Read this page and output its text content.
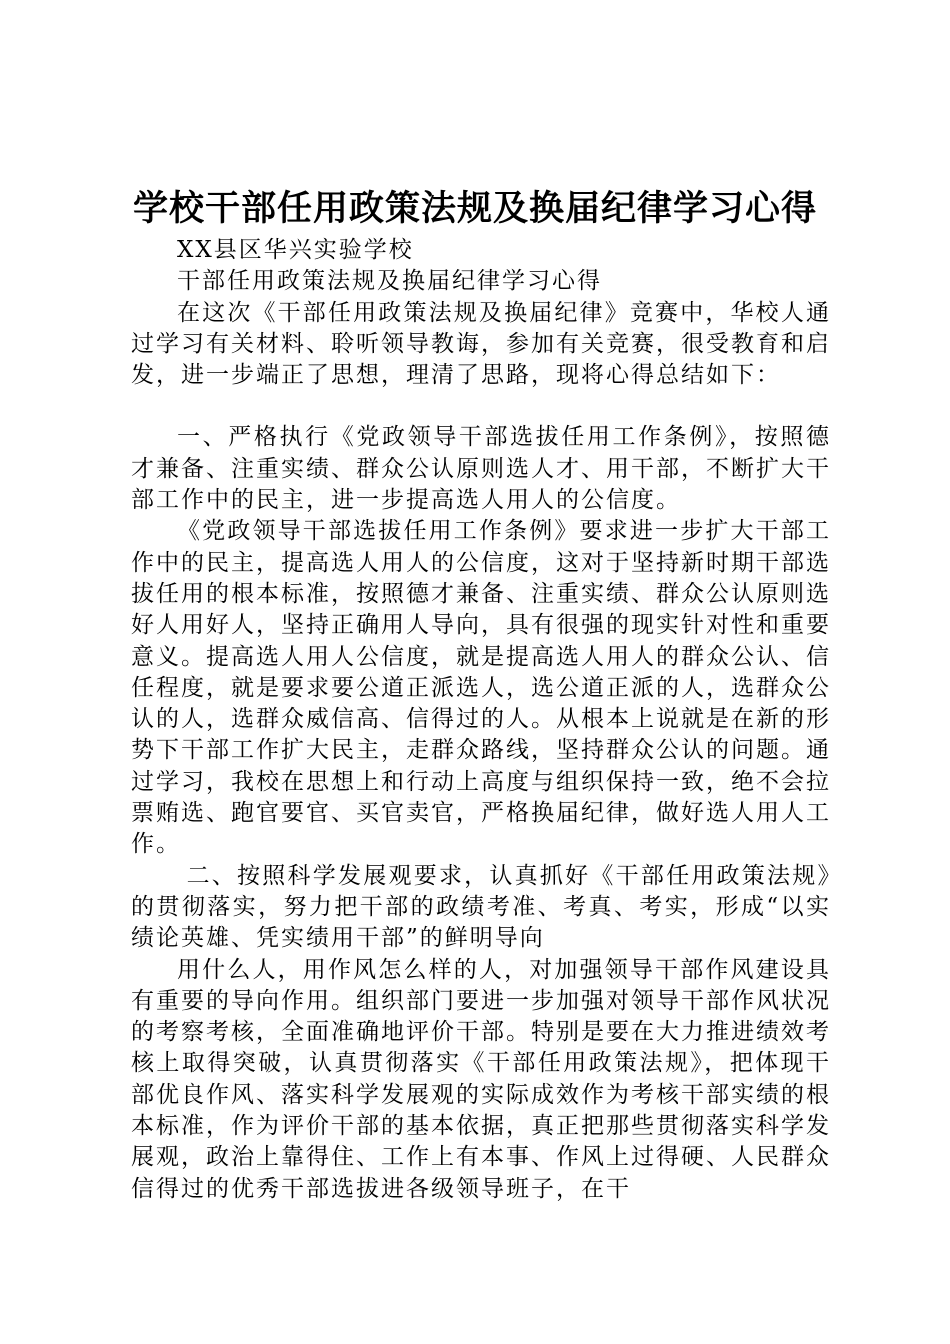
学校干部任用政策法规及换届纪律学习心得

XX县区华兴实验学校

干部任用政策法规及换届纪律学习心得

在这次《干部任用政策法规及换届纪律》竞赛中，华校人通过学习有关材料、聆听领导教诲，参加有关竞赛，很受教育和启发，进一步端正了思想，理清了思路，现将心得总结如下：

一、严格执行《党政领导干部选拔任用工作条例》，按照德才兼备、注重实绩、群众公认原则选人才、用干部，不断扩大干部工作中的民主，进一步提高选人用人的公信度。

《党政领导干部选拔任用工作条例》要求进一步扩大干部工作中的民主，提高选人用人的公信度，这对于坚持新时期干部选拔任用的根本标准，按照德才兼备、注重实绩、群众公认原则选好人用好人，坚持正确用人导向，具有很强的现实针对性和重要意义。提高选人用人公信度，就是提高选人用人的群众公认、信任程度，就是要求要公道正派选人，选公道正派的人，选群众公认的人，选群众威信高、信得过的人。从根本上说就是在新的形势下干部工作扩大民主，走群众路线，坚持群众公认的问题。通过学习，我校在思想上和行动上高度与组织保持一致，绝不会拉票贿选、跑官要官、买官卖官，严格换届纪律，做好选人用人工作。

二、按照科学发展观要求，认真抓好《干部任用政策法规》的贯彻落实，努力把干部的政绩考准、考真、考实，形成“以实绩论英雄、凭实绩用干部”的鲜明导向

用什么人，用作风怎么样的人，对加强领导干部作风建设具有重要的导向作用。组织部门要进一步加强对领导干部作风状况的考察考核，全面准确地评价干部。特别是要在大力推进绩效考核上取得突破，认真贯彻落实《干部任用政策法规》，把体现干部优良作风、落实科学发展观的实际成效作为考核干部实绩的根本标准，作为评价干部的基本依据，真正把那些贯彻落实科学发展观，政治上靠得住、工作上有本事、作风上过得硬、人民群众信得过的优秀干部选拔进各级领导班子，在干
